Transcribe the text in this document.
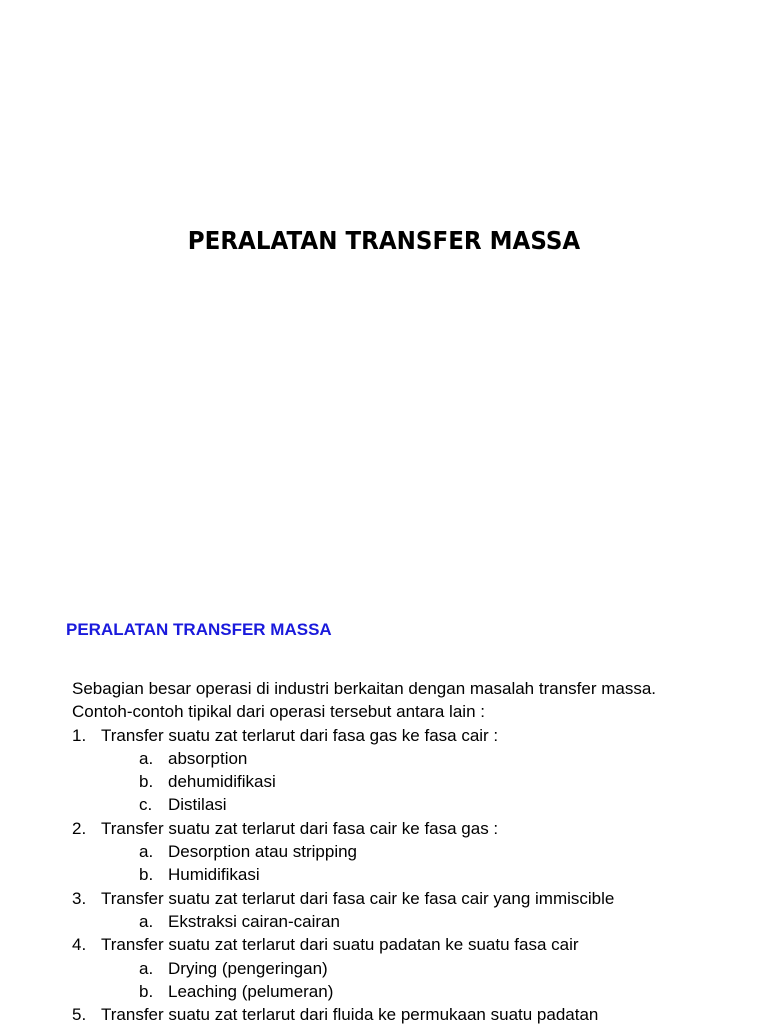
PERALATAN TRANSFER MASSA
PERALATAN TRANSFER MASSA

Sebagian besar operasi di industri berkaitan dengan masalah transfer massa. Contoh-contoh tipikal dari operasi tersebut antara lain :

1. Transfer suatu zat terlarut dari fasa gas ke fasa cair :
a. absorption
b. dehumidifikasi
c. Distilasi
2. Transfer suatu zat terlarut dari fasa cair ke fasa gas :
a. Desorption atau stripping
b. Humidifikasi
3. Transfer suatu zat terlarut dari fasa cair ke fasa cair yang immiscible
a. Ekstraksi cairan-cairan
4. Transfer suatu zat terlarut dari suatu padatan ke suatu fasa cair
a. Drying (pengeringan)
b. Leaching (pelumeran)
5. Transfer suatu zat terlarut dari fluida ke permukaan suatu padatan
